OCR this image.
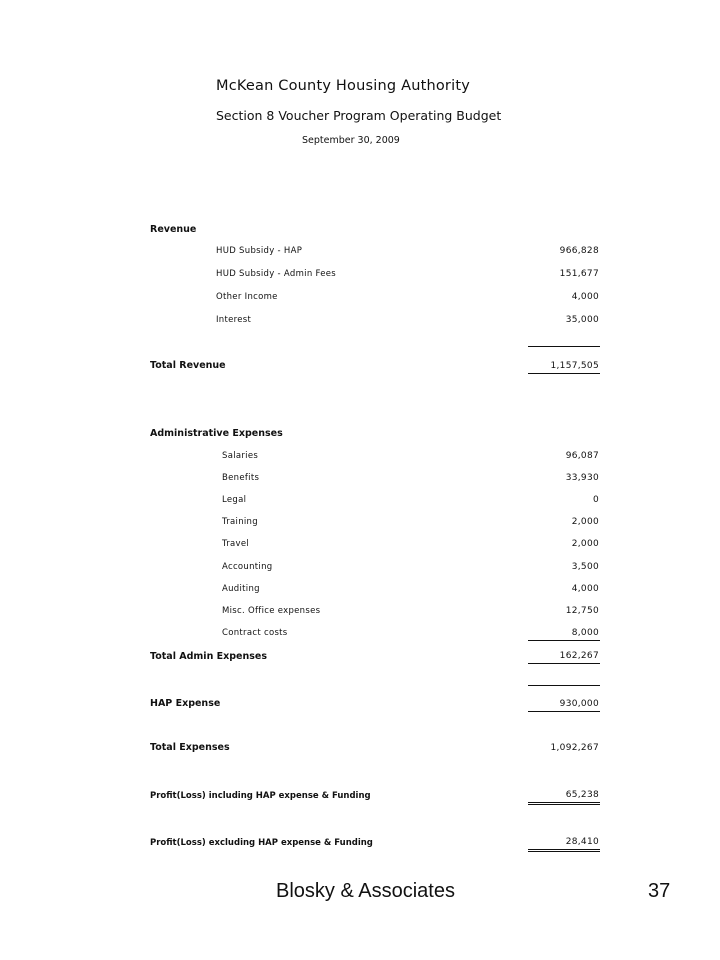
McKean County Housing Authority
Section 8 Voucher Program Operating Budget
September 30, 2009
Revenue
HUD Subsidy - HAP	966,828
HUD Subsidy - Admin Fees	151,677
Other Income	4,000
Interest	35,000
Total Revenue	1,157,505
Administrative Expenses
Salaries	96,087
Benefits	33,930
Legal	0
Training	2,000
Travel	2,000
Accounting	3,500
Auditing	4,000
Misc. Office expenses	12,750
Contract costs	8,000
Total Admin Expenses	162,267
HAP Expense	930,000
Total Expenses	1,092,267
Profit(Loss) including HAP expense & Funding	65,238
Profit(Loss) excluding HAP expense & Funding	28,410
Blosky & Associates	37
